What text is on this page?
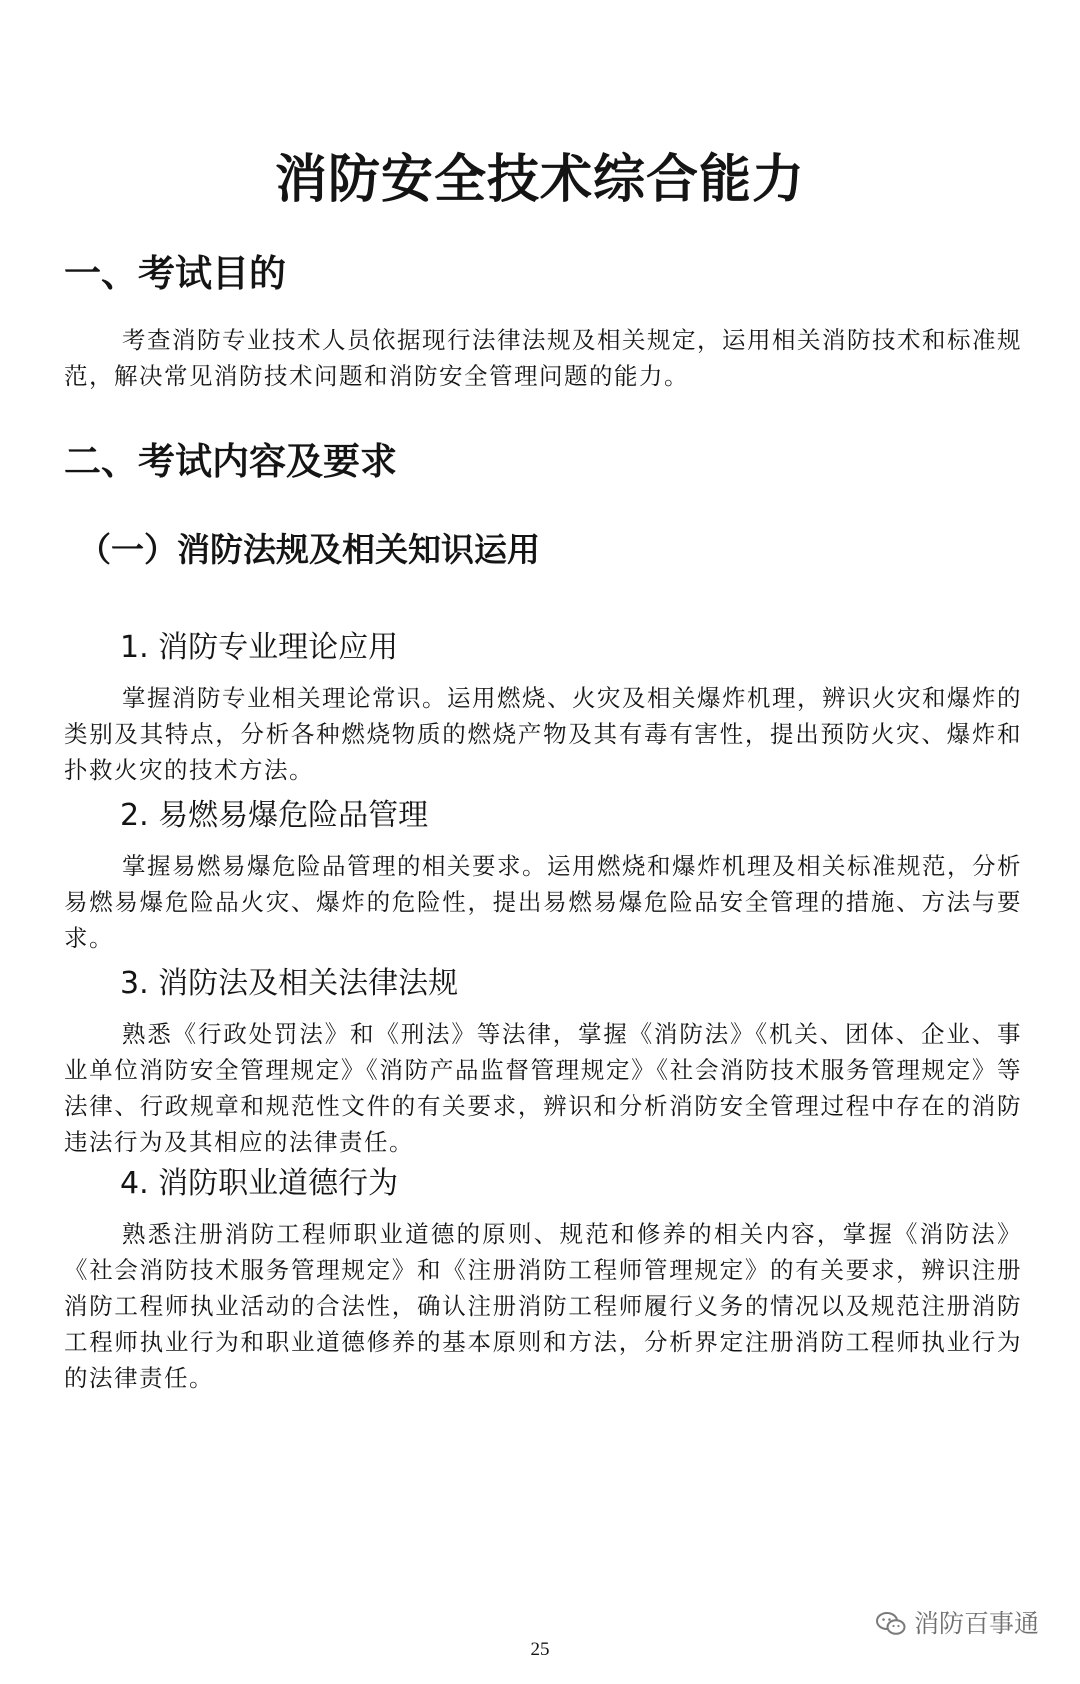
消防安全技术综合能力
一、考试目的

考查消防专业技术人员依据现行法律法规及相关规定，运用相关消防技术和标准规范，解决常见消防技术问题和消防安全管理问题的能力。

二、考试内容及要求
（一）消防法规及相关知识运用
1. 消防专业理论应用

掌握消防专业相关理论常识。运用燃烧、火灾及相关爆炸机理，辨识火灾和爆炸的类别及其特点，分析各种燃烧物质的燃烧产物及其有毒有害性，提出预防火灾、爆炸和扑救火灾的技术方法。

2. 易燃易爆危险品管理

掌握易燃易爆危险品管理的相关要求。运用燃烧和爆炸机理及相关标准规范，分析易燃易爆危险品火灾、爆炸的危险性，提出易燃易爆危险品安全管理的措施、方法与要求。

3. 消防法及相关法律法规

熟悉《行政处罚法》和《刑法》等法律，掌握《消防法》《机关、团体、企业、事业单位消防安全管理规定》《消防产品监督管理规定》《社会消防技术服务管理规定》等法律、行政规章和规范性文件的有关要求，辨识和分析消防安全管理过程中存在的消防违法行为及其相应的法律责任。

4. 消防职业道德行为

熟悉注册消防工程师职业道德的原则、规范和修养的相关内容，掌握《消防法》《社会消防技术服务管理规定》和《注册消防工程师管理规定》的有关要求，辨识注册消防工程师执业活动的合法性，确认注册消防工程师履行义务的情况以及规范注册消防工程师执业行为和职业道德修养的基本原则和方法，分析界定注册消防工程师执业行为的法律责任。

25
消防百事通
